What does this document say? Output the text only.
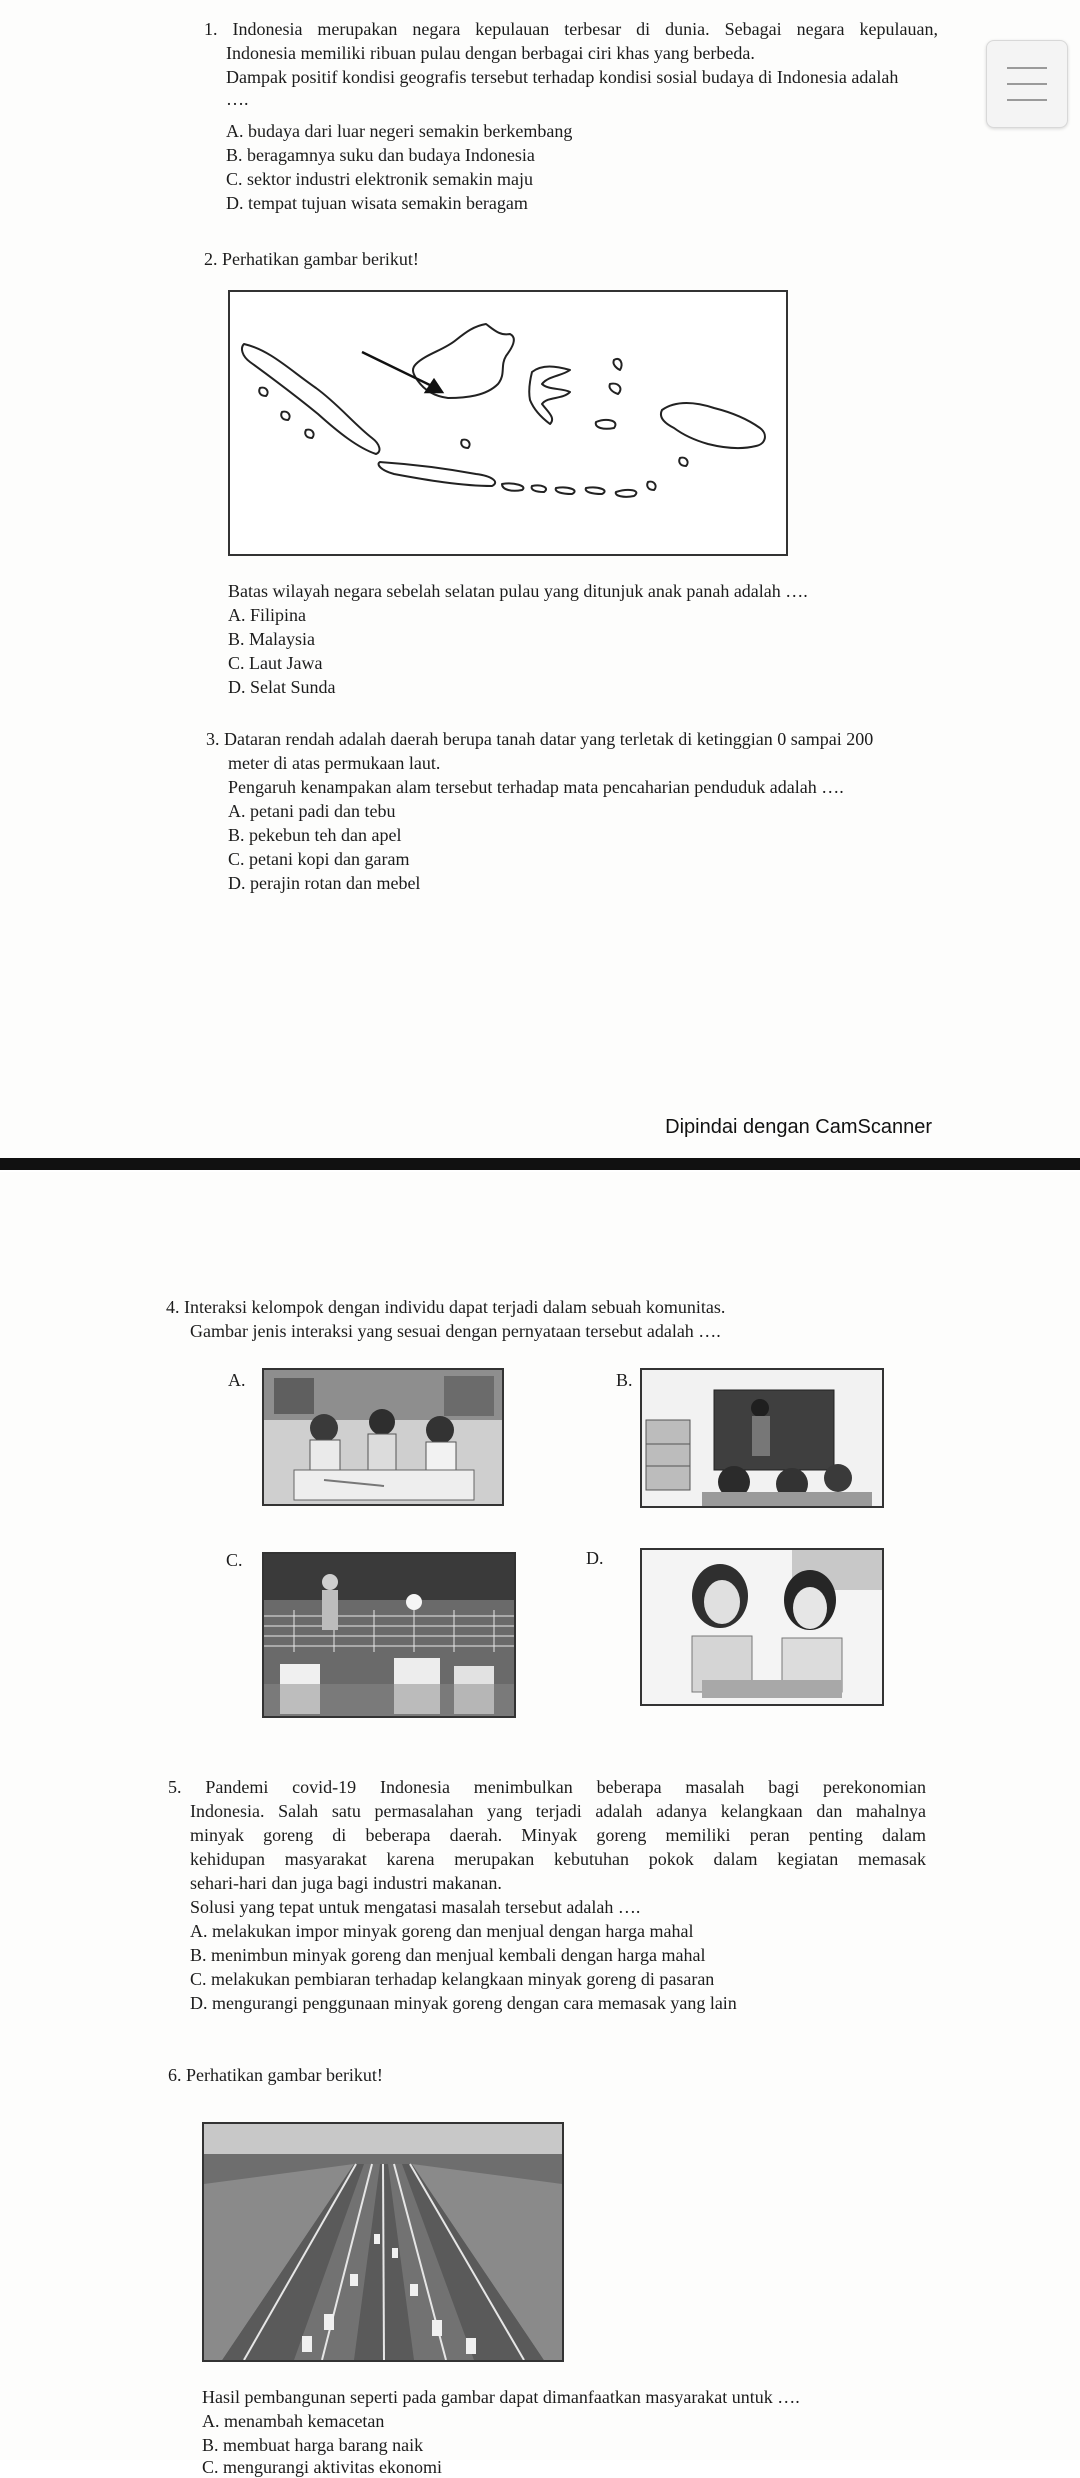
1. Indonesia merupakan negara kepulauan terbesar di dunia. Sebagai negara kepulauan,
Indonesia memiliki ribuan pulau dengan berbagai ciri khas yang berbeda.
Dampak positif kondisi geografis tersebut terhadap kondisi sosial budaya di Indonesia adalah
….
A. budaya dari luar negeri semakin berkembang
B. beragamnya suku dan budaya Indonesia
C. sektor industri elektronik semakin maju
D. tempat tujuan wisata semakin beragam
2. Perhatikan gambar berikut!
Batas wilayah negara sebelah selatan pulau yang ditunjuk anak panah adalah ….
A. Filipina
B. Malaysia
C. Laut Jawa
D. Selat Sunda
3. Dataran rendah adalah daerah berupa tanah datar yang terletak di ketinggian 0 sampai 200
meter di atas permukaan laut.
Pengaruh kenampakan alam tersebut terhadap mata pencaharian penduduk adalah ….
A. petani padi dan tebu
B. pekebun teh dan apel
C. petani kopi dan garam
D. perajin rotan dan mebel
Dipindai dengan CamScanner
4. Interaksi kelompok dengan individu dapat terjadi dalam sebuah komunitas.
Gambar jenis interaksi yang sesuai dengan pernyataan tersebut adalah ….
A.	B.
C.	D.
5. Pandemi covid-19 Indonesia menimbulkan beberapa masalah bagi perekonomian
Indonesia. Salah satu permasalahan yang terjadi adalah adanya kelangkaan dan mahalnya
minyak goreng di beberapa daerah. Minyak goreng memiliki peran penting dalam
kehidupan masyarakat karena merupakan kebutuhan pokok dalam kegiatan memasak
sehari-hari dan juga bagi industri makanan.
Solusi yang tepat untuk mengatasi masalah tersebut adalah ….
A. melakukan impor minyak goreng dan menjual dengan harga mahal
B. menimbun minyak goreng dan menjual kembali dengan harga mahal
C. melakukan pembiaran terhadap kelangkaan minyak goreng di pasaran
D. mengurangi penggunaan minyak goreng dengan cara memasak yang lain
6. Perhatikan gambar berikut!
Hasil pembangunan seperti pada gambar dapat dimanfaatkan masyarakat untuk ….
A. menambah kemacetan
B. membuat harga barang naik
C. mengurangi aktivitas ekonomi
